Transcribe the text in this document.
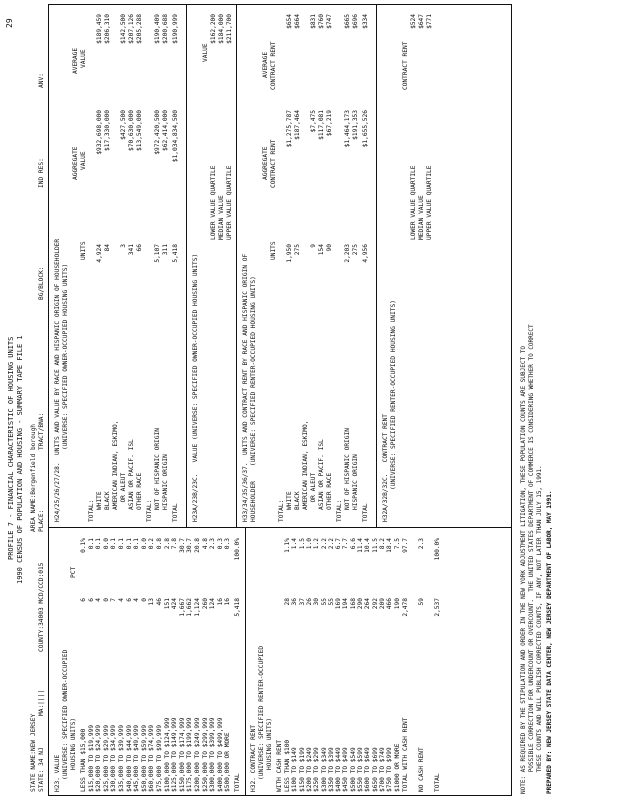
PROFILE 7 - FINANCIAL CHARACTERISTIC OF HOUSING UNITS 1990 CENSUS OF POPULATION AND HOUSING - SUMMARY TAPE FILE 1
29
STATE NAME:NEW JERSEY STATE: 34 NJ
MA:||||
COUNTY:34003 MCD/CCD:015
AREA NAME:Bergenfield borough PLACE:
TRACT/BNA:
BG/BLOCK:
IND RES:
ANV:
H23. VALUE (UNIVERSE: SPECIFIED OWNER-OCCUPIED HOUSING UNITS)
PCT
LESS THAN $15,000
6
0.1%
$15,000 TO $19,999
6
0.1
$20,000 TO $24,999
4
0.1
$25,000 TO $29,999
0
0.0
$30,000 TO $34,999
7
0.1
$35,000 TO $39,999
4
0.1
$40,000 TO $44,999
6
0.1
$45,000 TO $49,999
4
0.1
$50,000 TO $59,999
0
0.0
$60,000 TO $74,999
13
0.2
$75,000 TO $99,999
46
0.8
$100,000 TO $124,999
151
2.8
$125,000 TO $149,999
424
7.8
$150,000 TO $174,999
1,667
30.7
$175,000 TO $199,999
1,662
30.7
$200,000 TO $249,999
1,124
20.8
$250,000 TO $299,999
260
4.8
$300,000 TO $399,999
124
2.3
$400,000 TO $499,999
16
0.3
$500,000 OR MORE
16
0.3
TOTAL
5,418
100.0%
H32. CONTRACT RENT (UNIVERSE: SPECIFIED RENTER-OCCUPIED HOUSING UNITS) WITH CASH RENT LESS THAN $100
28
1.1%
$100 TO $149
36
1.4
$150 TO $199
37
1.5
$200 TO $249
26
1.0
$250 TO $299
30
1.2
$300 TO $349
55
2.2
$350 TO $399
55
2.2
$400 TO $449
169
6.7
$450 TO $499
194
7.7
$500 TO $549
168
6.6
$550 TO $599
290
11.4
$600 TO $649
264
10.4
$650 TO $699
292
11.5
$700 TO $749
209
8.2
$750 TO $999
466
18.4
$1000 OR MORE
190
7.5
TOTAL WITH CASH RENT
2,478
97.7
NO CASH RENT
59
2.3
TOTAL
2,537
100.0%
H24/25/26/27/28.  UNITS AND VALUE BY RACE AND HISPANIC ORIGIN OF HOUSEHOLDER (UNIVERSE: SPECIFIED OWNER-OCCUPIED HOUSING UNITS)
AGGREGATE
AVERAGE
UNITS
VALUE
VALUE
TOTAL: WHITE
4,924
$932,698,000
$189,459
BLACK
84
$17,330,000
$206,310
AMERICAN INDIAN, ESKIMO, OR ALEUT
3
$427,500
$142,500
ASIAN OR PACIF. ISL
341
$70,630,000
$207,126
OTHER RACE
66
$13,549,000
$205,288
TOTAL:
NOT OF HISPANIC ORIGIN
5,107
$972,420,500
$190,409
HISPANIC ORIGIN
311
$62,414,000
$200,688
TOTAL
5,418
$1,034,834,500
$190,999
H23A/23B/23C.   VALUE (UNIVERSE: SPECIFIED OWNER-OCCUPIED HOUSING UNITS)
VALUE
LOWER VALUE QUARTILE
$162,200
MEDIAN VALUE
$184,000
UPPER VALUE QUARTILE
$211,700
H33/34/35/36/37.  UNITS AND CONTRACT RENT BY RACE AND HISPANIC ORIGIN OF HOUSEHOLDER    (UNIVERSE: SPECIFIED RENTER-OCCUPIED HOUSING UNITS)
AGGREGATE
AVERAGE
UNITS
CONTRACT RENT
CONTRACT RENT
TOTAL: WHITE
1,950
$1,275,787
$654
BLACK
275
$187,464
$664
AMERICAN INDIAN, ESKIMO, OR ALEUT
9
$7,475
$831
ASIAN OR PACIF. ISL
154
$117,081
$760
OTHER RACE
90
$67,219
$747
TOTAL:
NOT OF HISPANIC ORIGIN
2,203
$1,464,173
$665
HISPANIC ORIGIN
275
$191,353
$696
TOTAL
4,956
$1,655,526
$334
H32A/32B/32C.   CONTRACT RENT (UNIVERSE: SPECIFIED RENTER-OCCUPIED HOUSING UNITS)
CONTRACT RENT
LOWER VALUE QUARTILE
$524
MEDIAN VALUE
$647
UPPER VALUE QUARTILE
$771
NOTE: AS REQUIRED BY THE STIPULATION AND ORDER IN THE NEW YORK ADJUSTMENT LITIGATION, THESE POPULATION COUNTS ARE SUBJECT TO POSSIBLE CORRECTION FOR UNDERCOUNT OR OVERCOUNT.  THE UNITED STATES DEPARTMENT OF COMMERCE IS CONSIDERING WHETHER TO CORRECT THESE COUNTS AND WILL PUBLISH CORRECTED COUNTS, IF ANY, NOT LATER THAN JULY 15, 1991. PREPARED BY: NEW JERSEY STATE DATA CENTER, NEW JERSEY DEPARTMENT OF LABOR, MAY 1991.
